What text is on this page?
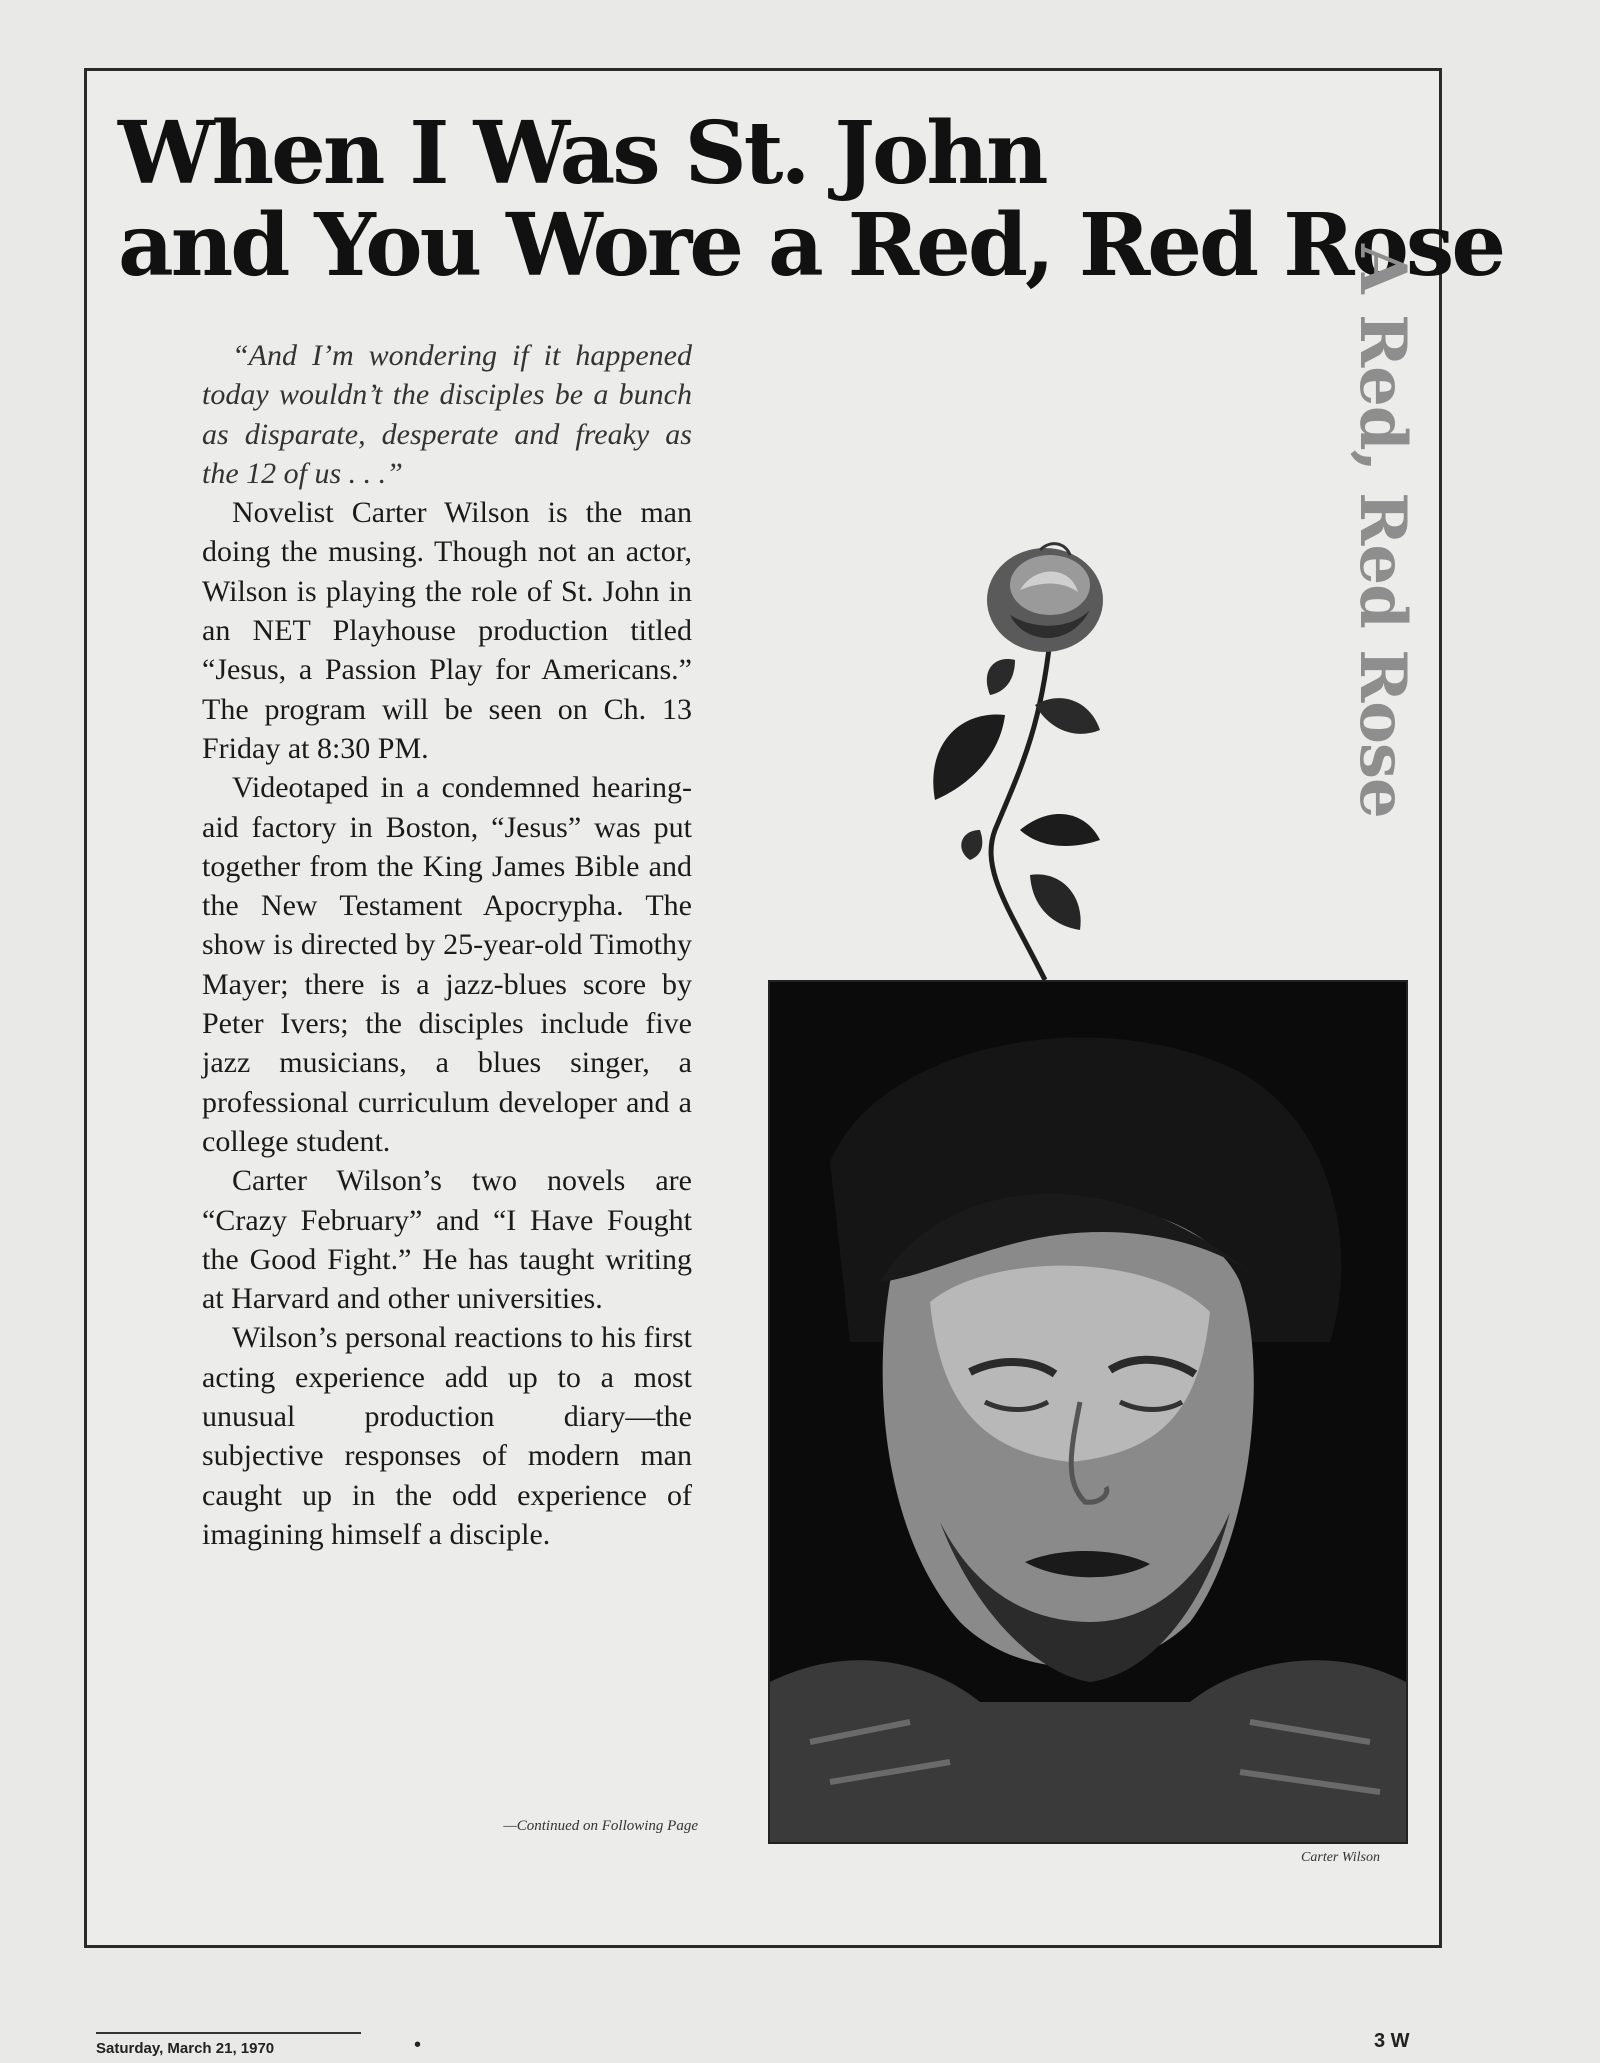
When I Was St. John
and You Wore a Red, Red Rose
A Red, Red Rose

“And I’m wondering if it happened today wouldn’t the disciples be a bunch as disparate, desperate and freaky as the 12 of us . . .”

Novelist Carter Wilson is the man doing the musing. Though not an actor, Wilson is playing the role of St. John in an NET Playhouse production titled “Jesus, a Passion Play for Americans.” The program will be seen on Ch. 13 Friday at 8:30 PM.

Videotaped in a condemned hearing-aid factory in Boston, “Jesus” was put together from the King James Bible and the New Testament Apocrypha. The show is directed by 25-year-old Timothy Mayer; there is a jazz-blues score by Peter Ivers; the disciples include five jazz musicians, a blues singer, a professional curriculum developer and a college student.

Carter Wilson’s two novels are “Crazy February” and “I Have Fought the Good Fight.” He has taught writing at Harvard and other universities.

Wilson’s personal reactions to his first acting experience add up to a most unusual production diary—the subjective responses of modern man caught up in the odd experience of imagining himself a disciple.

—Continued on Following Page
Carter Wilson
Saturday, March 21, 1970	•	3 W
